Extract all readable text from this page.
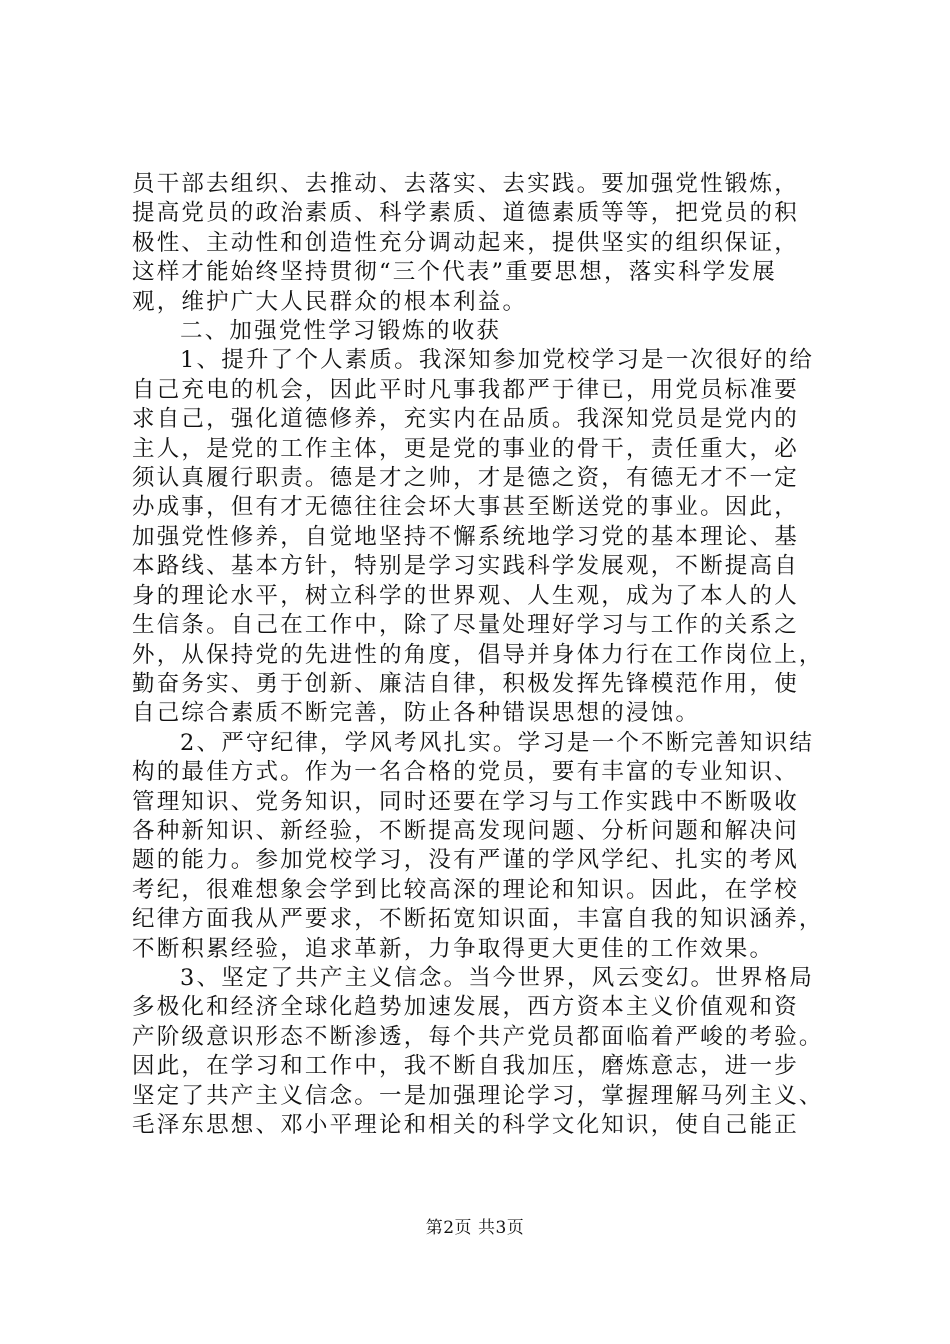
员干部去组织、去推动、去落实、去实践。要加强党性锻炼，
提高党员的政治素质、科学素质、道德素质等等，把党员的积
极性、主动性和创造性充分调动起来，提供坚实的组织保证，
这样才能始终坚持贯彻“三个代表”重要思想，落实科学发展
观，维护广大人民群众的根本利益。
二、加强党性学习锻炼的收获
1、提升了个人素质。我深知参加党校学习是一次很好的给
自己充电的机会，因此平时凡事我都严于律已，用党员标准要
求自己，强化道德修养，充实内在品质。我深知党员是党内的
主人，是党的工作主体，更是党的事业的骨干，责任重大，必
须认真履行职责。德是才之帅，才是德之资，有德无才不一定
办成事，但有才无德往往会坏大事甚至断送党的事业。因此，
加强党性修养，自觉地坚持不懈系统地学习党的基本理论、基
本路线、基本方针，特别是学习实践科学发展观，不断提高自
身的理论水平，树立科学的世界观、人生观，成为了本人的人
生信条。自己在工作中，除了尽量处理好学习与工作的关系之
外，从保持党的先进性的角度，倡导并身体力行在工作岗位上，
勤奋务实、勇于创新、廉洁自律，积极发挥先锋模范作用，使
自己综合素质不断完善，防止各种错误思想的浸蚀。
2、严守纪律，学风考风扎实。学习是一个不断完善知识结
构的最佳方式。作为一名合格的党员，要有丰富的专业知识、
管理知识、党务知识，同时还要在学习与工作实践中不断吸收
各种新知识、新经验，不断提高发现问题、分析问题和解决问
题的能力。参加党校学习，没有严谨的学风学纪、扎实的考风
考纪，很难想象会学到比较高深的理论和知识。因此，在学校
纪律方面我从严要求，不断拓宽知识面，丰富自我的知识涵养，
不断积累经验，追求革新，力争取得更大更佳的工作效果。
3、坚定了共产主义信念。当今世界，风云变幻。世界格局
多极化和经济全球化趋势加速发展，西方资本主义价值观和资
产阶级意识形态不断渗透，每个共产党员都面临着严峻的考验。
因此，在学习和工作中，我不断自我加压，磨炼意志，进一步
坚定了共产主义信念。一是加强理论学习，掌握理解马列主义、
毛泽东思想、邓小平理论和相关的科学文化知识，使自己能正
第2页 共3页
